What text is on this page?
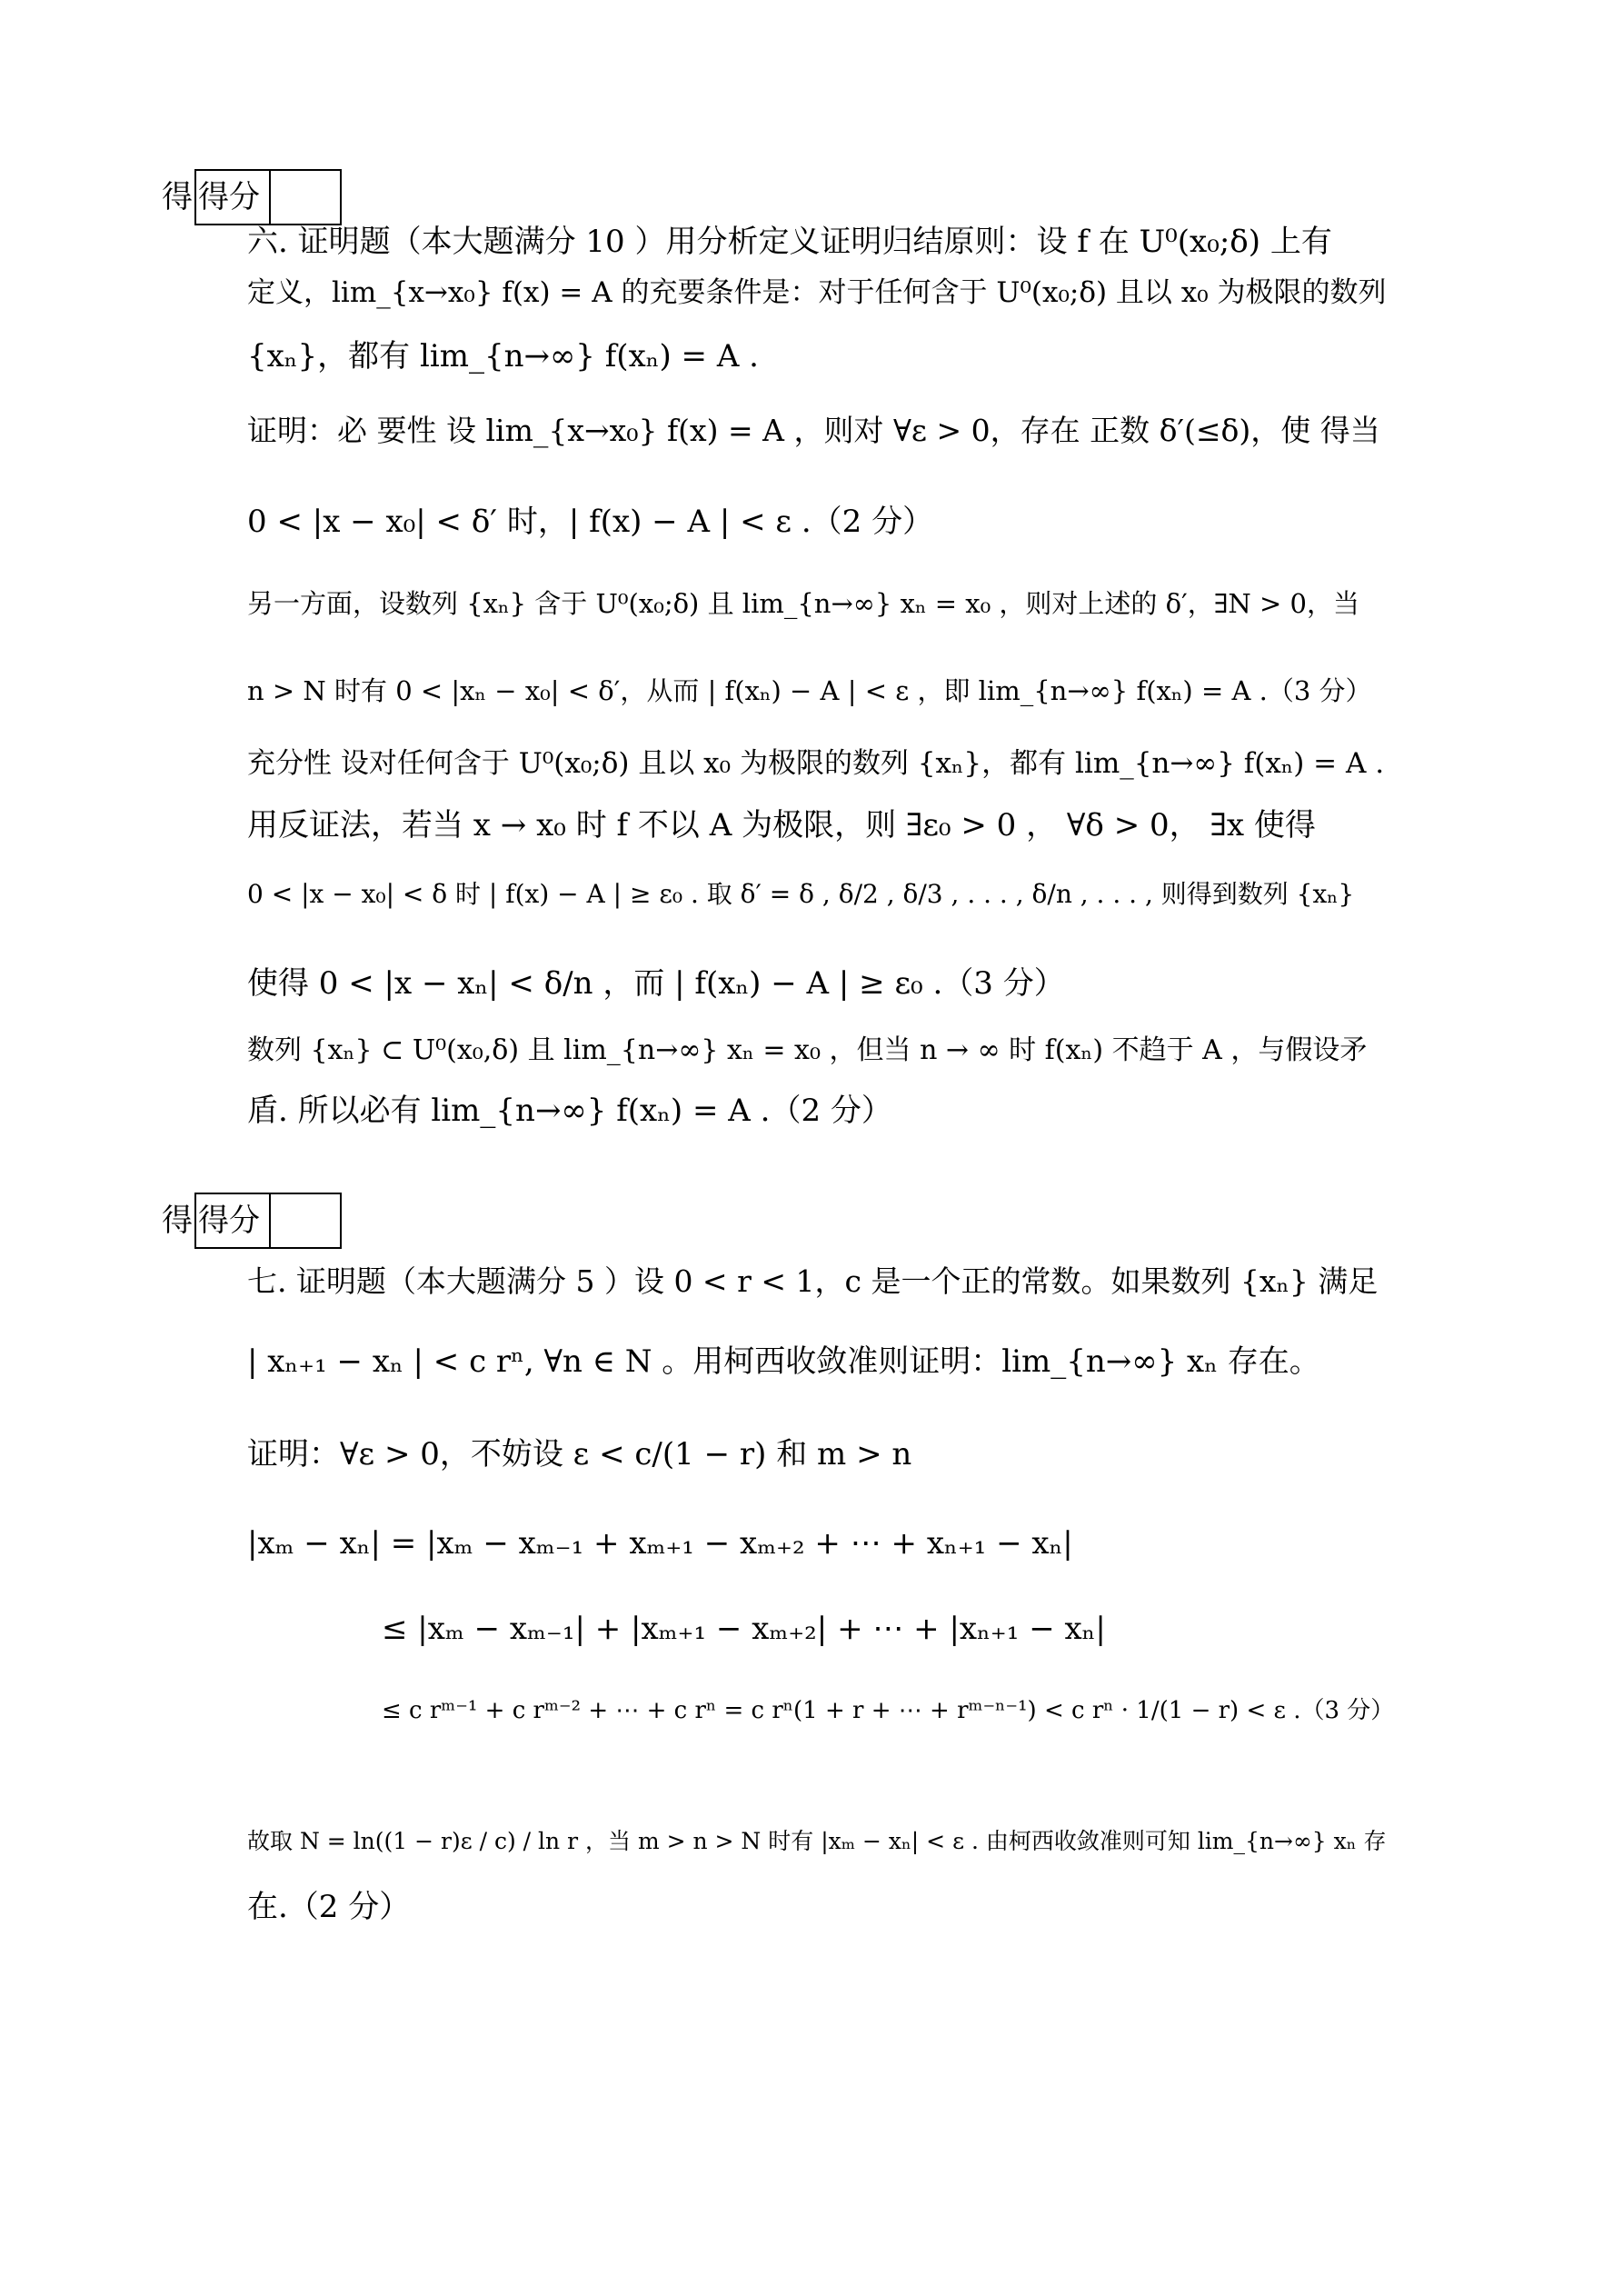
得 得分
六. 证明题（本大题满分 10 ）用分析定义证明归结原则：设 f 在 U⁰(x₀;δ) 上有
定义，lim_{x→x₀} f(x) = A 的充要条件是：对于任何含于 U⁰(x₀;δ) 且以 x₀ 为极限的数列
{xₙ}，都有 lim_{n→∞} f(xₙ) = A .
证明：必 要性 设 lim_{x→x₀} f(x) = A ，则对 ∀ε > 0，存在 正数 δ′(≤δ)，使 得当
0 < |x − x₀| < δ′ 时，| f(x) − A | < ε .（2 分）
另一方面，设数列 {xₙ} 含于 U⁰(x₀;δ) 且 lim_{n→∞} xₙ = x₀ ，则对上述的 δ′，∃N > 0，当
n > N 时有 0 < |xₙ − x₀| < δ′，从而 | f(xₙ) − A | < ε ，即 lim_{n→∞} f(xₙ) = A .（3 分）
充分性 设对任何含于 U⁰(x₀;δ) 且以 x₀ 为极限的数列 {xₙ}，都有 lim_{n→∞} f(xₙ) = A .
用反证法，若当 x → x₀ 时 f 不以 A 为极限，则 ∃ε₀ > 0 ， ∀δ > 0， ∃x 使得
0 < |x − x₀| < δ 时 | f(x) − A | ≥ ε₀ . 取 δ′ = δ , δ/2 , δ/3 , . . . , δ/n , . . . , 则得到数列 {xₙ}
使得 0 < |x − xₙ| < δ/n ，而 | f(xₙ) − A | ≥ ε₀ .（3 分）
数列 {xₙ} ⊂ U⁰(x₀,δ) 且 lim_{n→∞} xₙ = x₀ ，但当 n → ∞ 时 f(xₙ) 不趋于 A ，与假设矛
盾. 所以必有 lim_{n→∞} f(xₙ) = A .（2 分）
得 得分
七. 证明题（本大题满分 5 ）设 0 < r < 1，c 是一个正的常数。如果数列 {xₙ} 满足
| xₙ₊₁ − xₙ | < c rⁿ, ∀n ∈ N 。用柯西收敛准则证明：lim_{n→∞} xₙ 存在。
证明：∀ε > 0，不妨设 ε < c/(1 − r) 和 m > n
|xₘ − xₙ| = |xₘ − xₘ₋₁ + xₘ₊₁ − xₘ₊₂ + ⋯ + xₙ₊₁ − xₙ|
≤ |xₘ − xₘ₋₁| + |xₘ₊₁ − xₘ₊₂| + ⋯ + |xₙ₊₁ − xₙ|
≤ c rᵐ⁻¹ + c rᵐ⁻² + ⋯ + c rⁿ = c rⁿ(1 + r + ⋯ + rᵐ⁻ⁿ⁻¹) < c rⁿ · 1/(1 − r) < ε .（3 分）
故取 N = ln((1 − r)ε / c) / ln r ，当 m > n > N 时有 |xₘ − xₙ| < ε . 由柯西收敛准则可知 lim_{n→∞} xₙ 存
在.（2 分）
